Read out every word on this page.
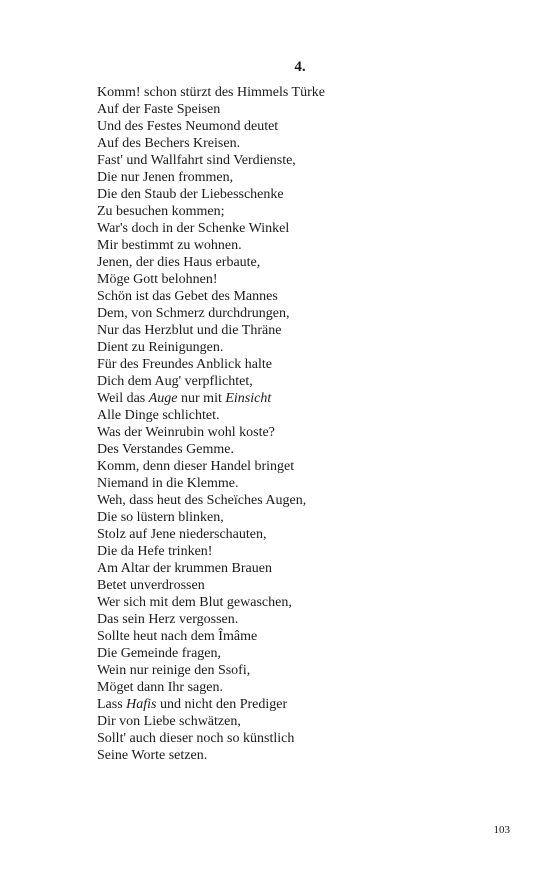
4.
Komm! schon stürzt des Himmels Türke
Auf der Faste Speisen
Und des Festes Neumond deutet
Auf des Bechers Kreisen.
Fast' und Wallfahrt sind Verdienste,
Die nur Jenen frommen,
Die den Staub der Liebesschenke
Zu besuchen kommen;
War's doch in der Schenke Winkel
Mir bestimmt zu wohnen.
Jenen, der dies Haus erbaute,
Möge Gott belohnen!
Schön ist das Gebet des Mannes
Dem, von Schmerz durchdrungen,
Nur das Herzblut und die Thräne
Dient zu Reinigungen.
Für des Freundes Anblick halte
Dich dem Aug' verpflichtet,
Weil das Auge nur mit Einsicht
Alle Dinge schlichtet.
Was der Weinrubin wohl koste?
Des Verstandes Gemme.
Komm, denn dieser Handel bringet
Niemand in die Klemme.
Weh, dass heut des Scheïches Augen,
Die so lüstern blinken,
Stolz auf Jene niederschauten,
Die da Hefe trinken!
Am Altar der krummen Brauen
Betet unverdrossen
Wer sich mit dem Blut gewaschen,
Das sein Herz vergossen.
Sollte heut nach dem Îmâme
Die Gemeinde fragen,
Wein nur reinige den Ssofi,
Möget dann Ihr sagen.
Lass Hafis und nicht den Prediger
Dir von Liebe schwätzen,
Sollt' auch dieser noch so künstlich
Seine Worte setzen.
103
